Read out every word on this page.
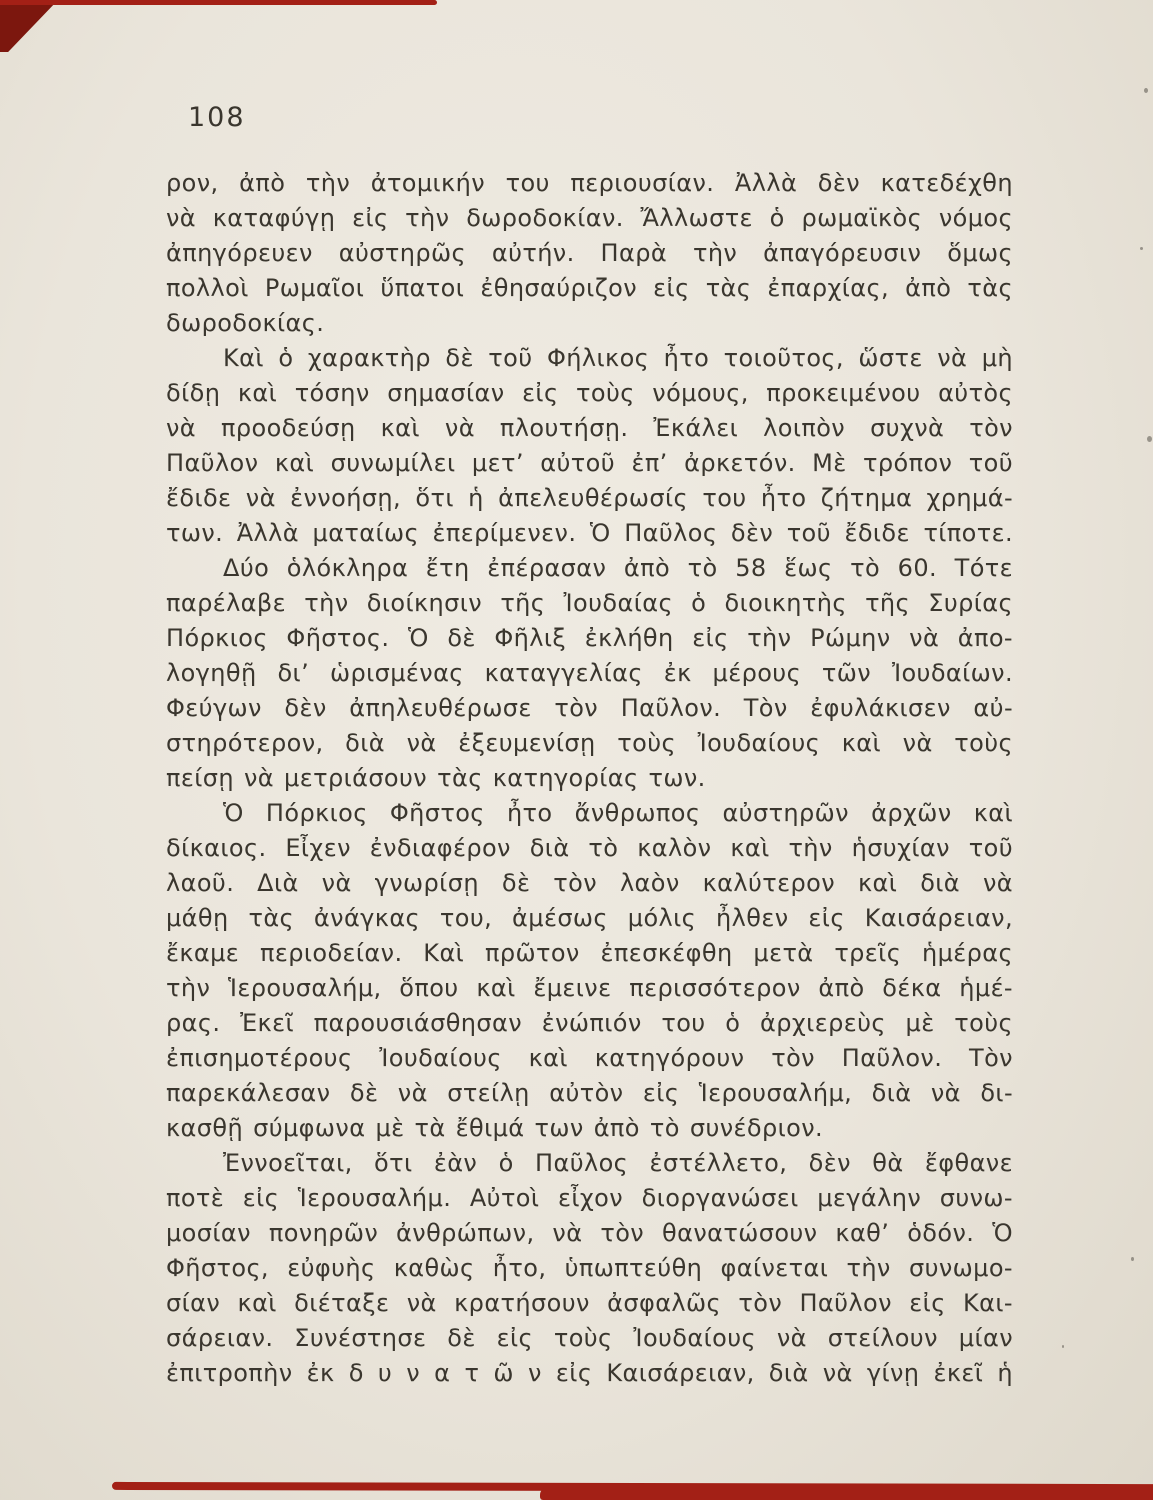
108
ρον, ἀπὸ τὴν ἀτομικήν του περιουσίαν. Ἀλλὰ δὲν κατεδέχθη
νὰ καταφύγῃ εἰς τὴν δωροδοκίαν. Ἄλλωστε ὁ ρωμαϊκὸς νόμος
ἀπηγόρευεν αὐστηρῶς αὐτήν. Παρὰ τὴν ἀπαγόρευσιν ὅμως
πολλοὶ Ρωμαῖοι ὕπατοι ἐθησαύριζον εἰς τὰς ἐπαρχίας, ἀπὸ τὰς
δωροδοκίας.
Καὶ ὁ χαρακτὴρ δὲ τοῦ Φήλικος ἦτο τοιοῦτος, ὥστε νὰ μὴ
δίδῃ καὶ τόσην σημασίαν εἰς τοὺς νόμους, προκειμένου αὐτὸς
νὰ προοδεύσῃ καὶ νὰ πλουτήσῃ. Ἐκάλει λοιπὸν συχνὰ τὸν
Παῦλον καὶ συνωμίλει μετ’ αὐτοῦ ἐπ’ ἀρκετόν. Μὲ τρόπον τοῦ
ἔδιδε νὰ ἐννοήσῃ, ὅτι ἡ ἀπελευθέρωσίς του ἦτο ζήτημα χρημά-
των. Ἀλλὰ ματαίως ἐπερίμενεν. Ὁ Παῦλος δὲν τοῦ ἔδιδε τίποτε.
Δύο ὁλόκληρα ἔτη ἐπέρασαν ἀπὸ τὸ 58 ἕως τὸ 60. Τότε
παρέλαβε τὴν διοίκησιν τῆς Ἰουδαίας ὁ διοικητὴς τῆς Συρίας
Πόρκιος Φῆστος. Ὁ δὲ Φῆλιξ ἐκλήθη εἰς τὴν Ρώμην νὰ ἀπο-
λογηθῇ δι’ ὡρισμένας καταγγελίας ἐκ μέρους τῶν Ἰουδαίων.
Φεύγων δὲν ἀπηλευθέρωσε τὸν Παῦλον. Τὸν ἐφυλάκισεν αὐ-
στηρότερον, διὰ νὰ ἐξευμενίσῃ τοὺς Ἰουδαίους καὶ νὰ τοὺς
πείσῃ νὰ μετριάσουν τὰς κατηγορίας των.
Ὁ Πόρκιος Φῆστος ἦτο ἄνθρωπος αὐστηρῶν ἀρχῶν καὶ
δίκαιος. Εἶχεν ἐνδιαφέρον διὰ τὸ καλὸν καὶ τὴν ἡσυχίαν τοῦ
λαοῦ. Διὰ νὰ γνωρίσῃ δὲ τὸν λαὸν καλύτερον καὶ διὰ νὰ
μάθῃ τὰς ἀνάγκας του, ἀμέσως μόλις ἦλθεν εἰς Καισάρειαν,
ἔκαμε περιοδείαν. Καὶ πρῶτον ἐπεσκέφθη μετὰ τρεῖς ἡμέρας
τὴν Ἱερουσαλήμ, ὅπου καὶ ἔμεινε περισσότερον ἀπὸ δέκα ἡμέ-
ρας. Ἐκεῖ παρουσιάσθησαν ἐνώπιόν του ὁ ἀρχιερεὺς μὲ τοὺς
ἐπισημοτέρους Ἰουδαίους καὶ κατηγόρουν τὸν Παῦλον. Τὸν
παρεκάλεσαν δὲ νὰ στείλῃ αὐτὸν εἰς Ἱερουσαλήμ, διὰ νὰ δι-
κασθῇ σύμφωνα μὲ τὰ ἔθιμά των ἀπὸ τὸ συνέδριον.
Ἐννοεῖται, ὅτι ἐὰν ὁ Παῦλος ἐστέλλετο, δὲν θὰ ἔφθανε
ποτὲ εἰς Ἱερουσαλήμ. Αὐτοὶ εἶχον διοργανώσει μεγάλην συνω-
μοσίαν πονηρῶν ἀνθρώπων, νὰ τὸν θανατώσουν καθ’ ὁδόν. Ὁ
Φῆστος, εὐφυὴς καθὼς ἦτο, ὑπωπτεύθη φαίνεται τὴν συνωμο-
σίαν καὶ διέταξε νὰ κρατήσουν ἀσφαλῶς τὸν Παῦλον εἰς Και-
σάρειαν. Συνέστησε δὲ εἰς τοὺς Ἰουδαίους νὰ στείλουν μίαν
ἐπιτροπὴν ἐκ δ υ ν α τ ῶ ν εἰς Καισάρειαν, διὰ νὰ γίνῃ ἐκεῖ ἡ
